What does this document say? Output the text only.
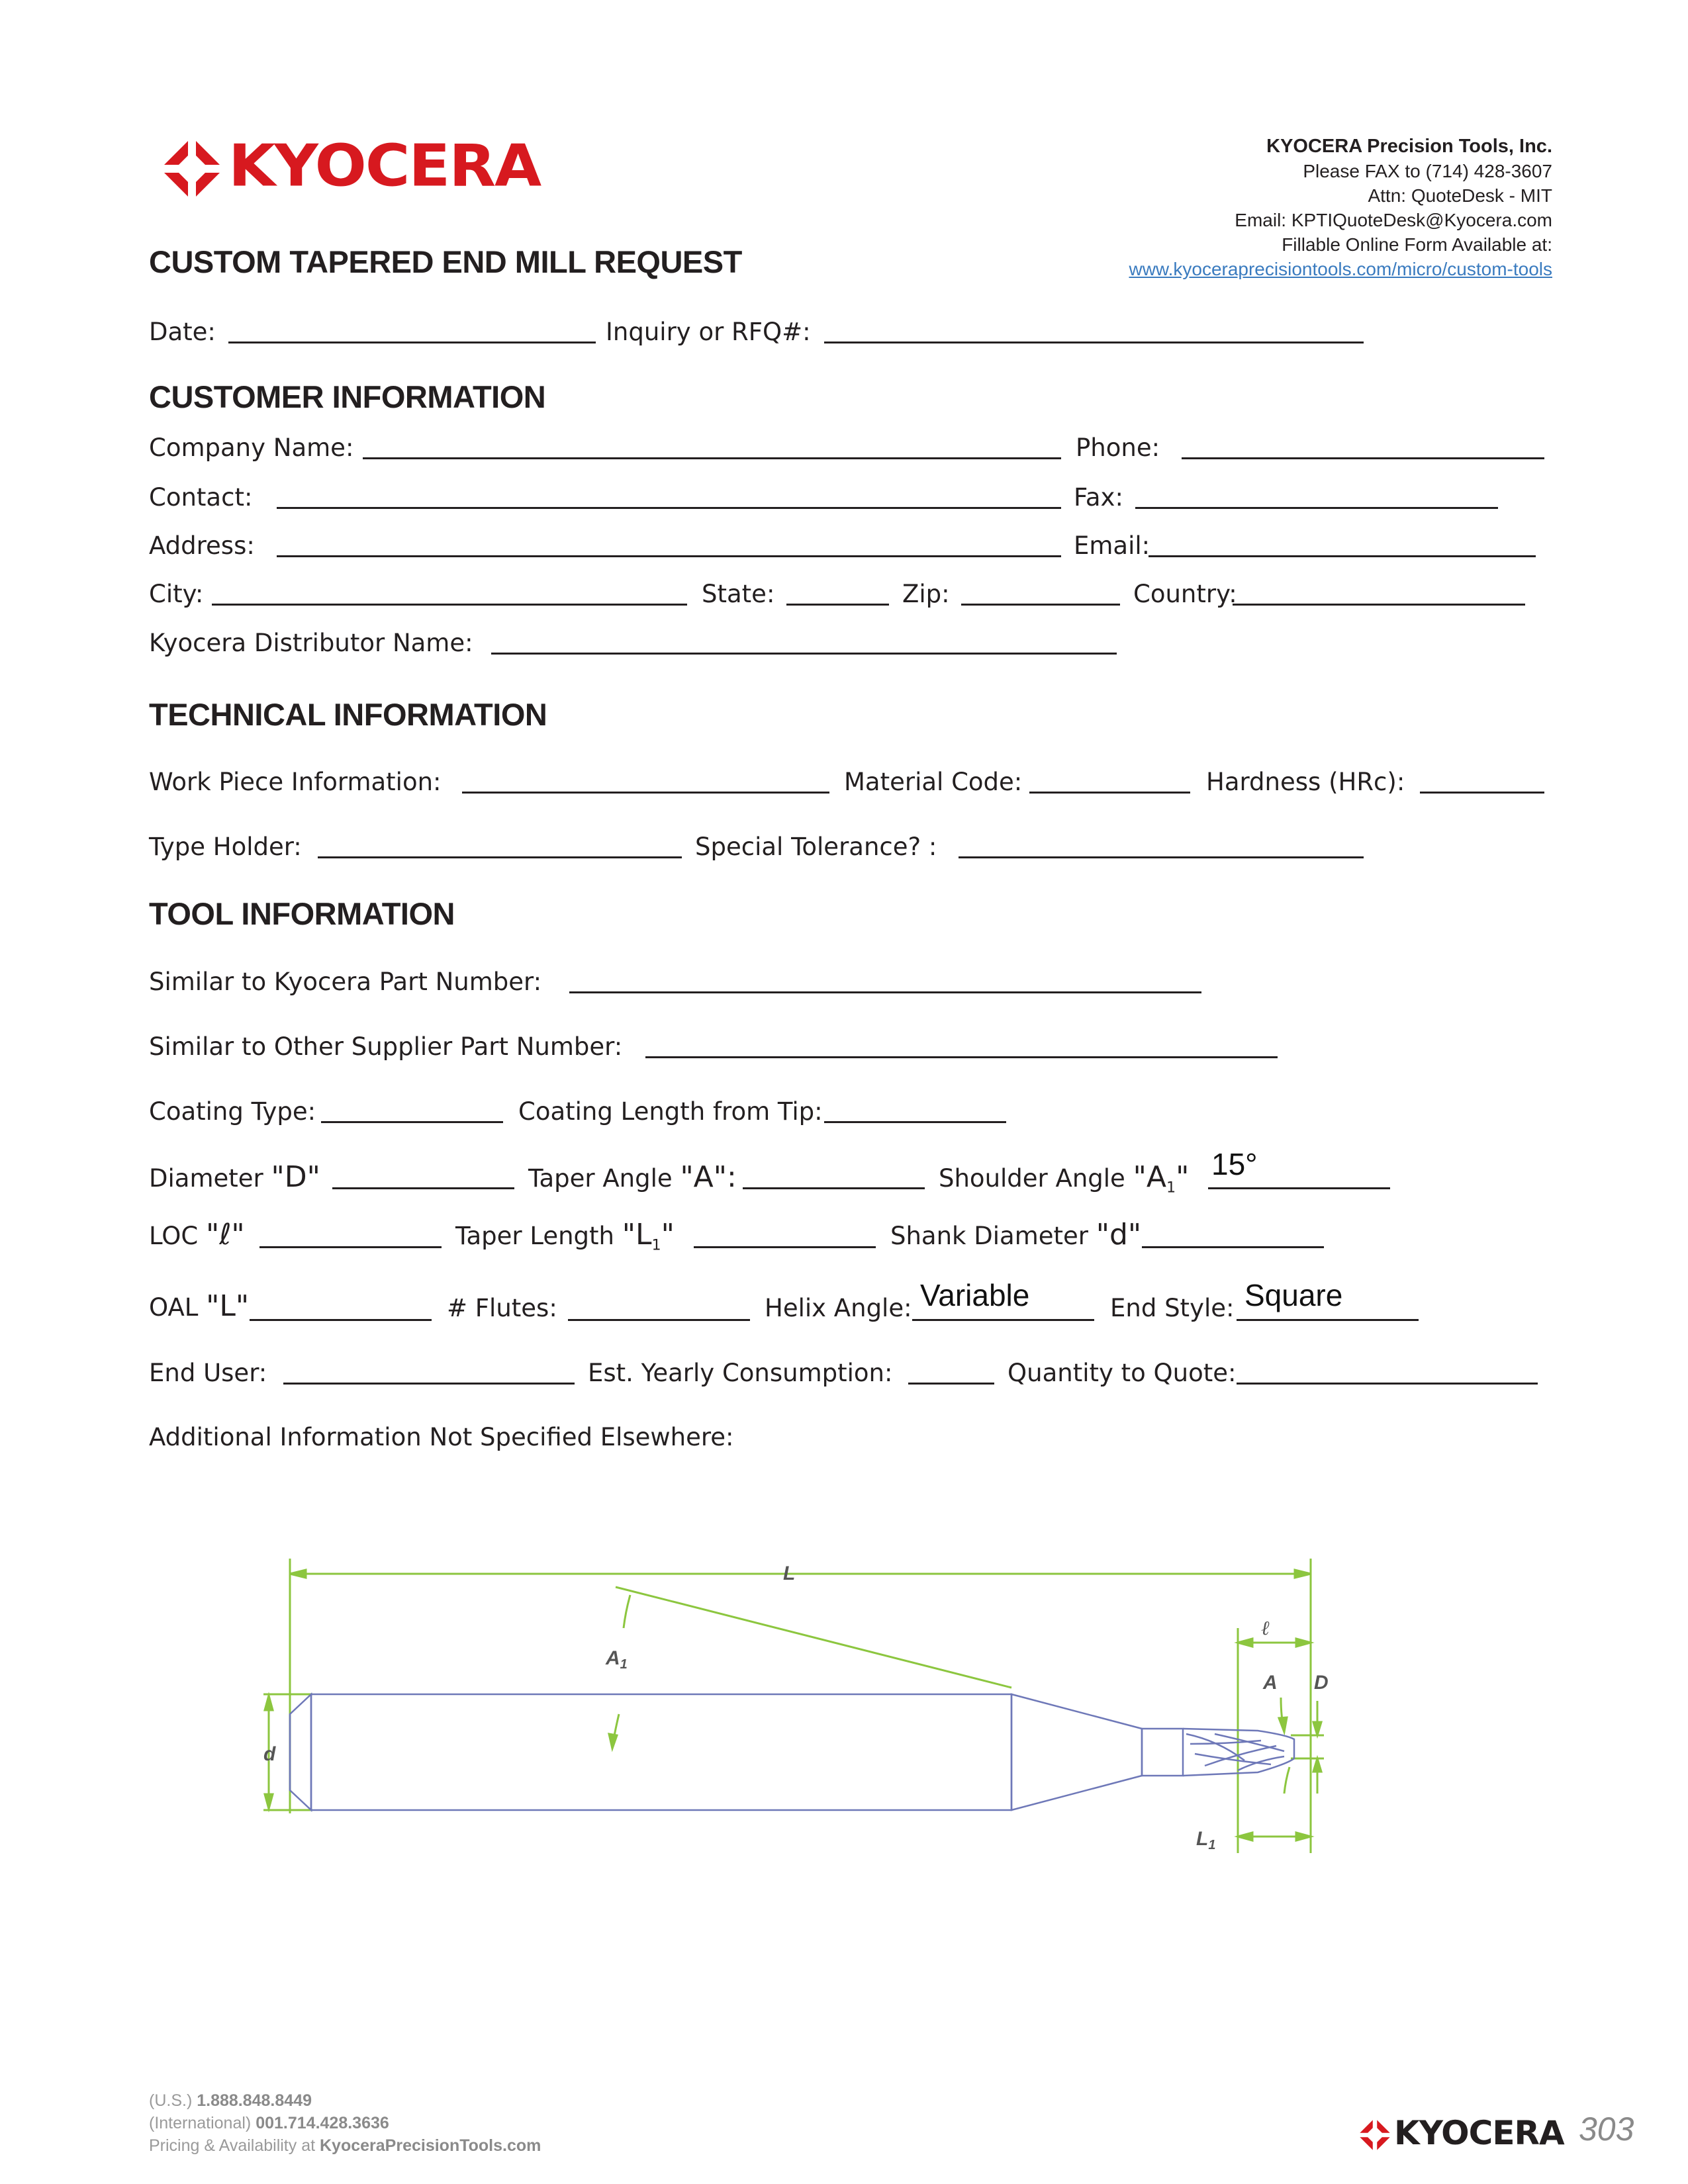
KYOCERA	KYOCERA Precision Tools, Inc.
Please FAX to (714) 428-3607
Attn: QuoteDesk - MIT
Email: KPTIQuoteDesk@Kyocera.com
Fillable Online Form Available at:
www.kyoceraprecisiontools.com/micro/custom-tools
CUSTOM TAPERED END MILL REQUEST
Date:	Inquiry or RFQ#:
CUSTOMER INFORMATION
Company Name:	Phone:
Contact:	Fax:
Address:	Email:
City:	State:	Zip:	Country:
Kyocera Distributor Name:
TECHNICAL INFORMATION
Work Piece Information:	Material Code:	Hardness (HRc):
Type Holder:	Special Tolerance? :
TOOL INFORMATION
Similar to Kyocera Part Number:
Similar to Other Supplier Part Number:
Coating Type:	Coating Length from Tip:
Diameter "D"	Taper Angle "A":	Shoulder Angle "$A_1$" 15°
LOC "ℓ"	Taper Length "$L_1$"	Shank Diameter "d"
OAL "L"	# Flutes:	Helix Angle: Variable	End Style: Square
End User:	Est. Yearly Consumption:	Quantity to Quote:
Additional Information Not Specified Elsewhere:
L
$A_1$
ℓ
A D
d
$L_1$
(U.S.) 1.888.848.8449
(International) 001.714.428.3636
Pricing & Availability at KyoceraPrecisionTools.com	KYOCERA 303
